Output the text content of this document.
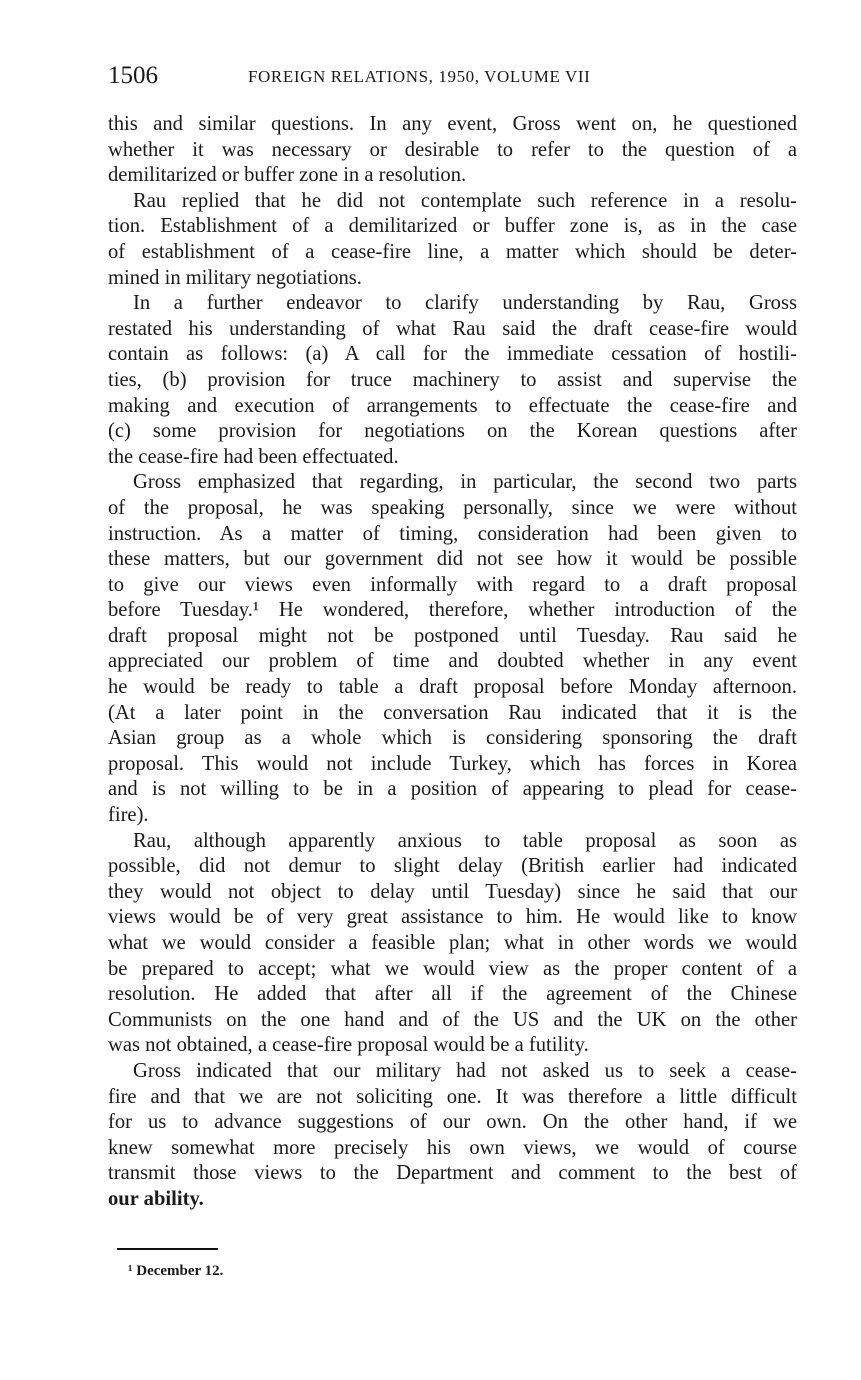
1506	FOREIGN RELATIONS, 1950, VOLUME VII
this and similar questions. In any event, Gross went on, he questioned
whether it was necessary or desirable to refer to the question of a
demilitarized or buffer zone in a resolution.
Rau replied that he did not contemplate such reference in a resolu-
tion. Establishment of a demilitarized or buffer zone is, as in the case
of establishment of a cease-fire line, a matter which should be deter-
mined in military negotiations.
In a further endeavor to clarify understanding by Rau, Gross
restated his understanding of what Rau said the draft cease-fire would
contain as follows: (a) A call for the immediate cessation of hostili-
ties, (b) provision for truce machinery to assist and supervise the
making and execution of arrangements to effectuate the cease-fire and
(c) some provision for negotiations on the Korean questions after
the cease-fire had been effectuated.
Gross emphasized that regarding, in particular, the second two parts
of the proposal, he was speaking personally, since we were without
instruction. As a matter of timing, consideration had been given to
these matters, but our government did not see how it would be possible
to give our views even informally with regard to a draft proposal
before Tuesday.¹ He wondered, therefore, whether introduction of the
draft proposal might not be postponed until Tuesday. Rau said he
appreciated our problem of time and doubted whether in any event
he would be ready to table a draft proposal before Monday afternoon.
(At a later point in the conversation Rau indicated that it is the
Asian group as a whole which is considering sponsoring the draft
proposal. This would not include Turkey, which has forces in Korea
and is not willing to be in a position of appearing to plead for cease-
fire).
Rau, although apparently anxious to table proposal as soon as
possible, did not demur to slight delay (British earlier had indicated
they would not object to delay until Tuesday) since he said that our
views would be of very great assistance to him. He would like to know
what we would consider a feasible plan; what in other words we would
be prepared to accept; what we would view as the proper content of a
resolution. He added that after all if the agreement of the Chinese
Communists on the one hand and of the US and the UK on the other
was not obtained, a cease-fire proposal would be a futility.
Gross indicated that our military had not asked us to seek a cease-
fire and that we are not soliciting one. It was therefore a little difficult
for us to advance suggestions of our own. On the other hand, if we
knew somewhat more precisely his own views, we would of course
transmit those views to the Department and comment to the best of
our ability.
¹ December 12.
